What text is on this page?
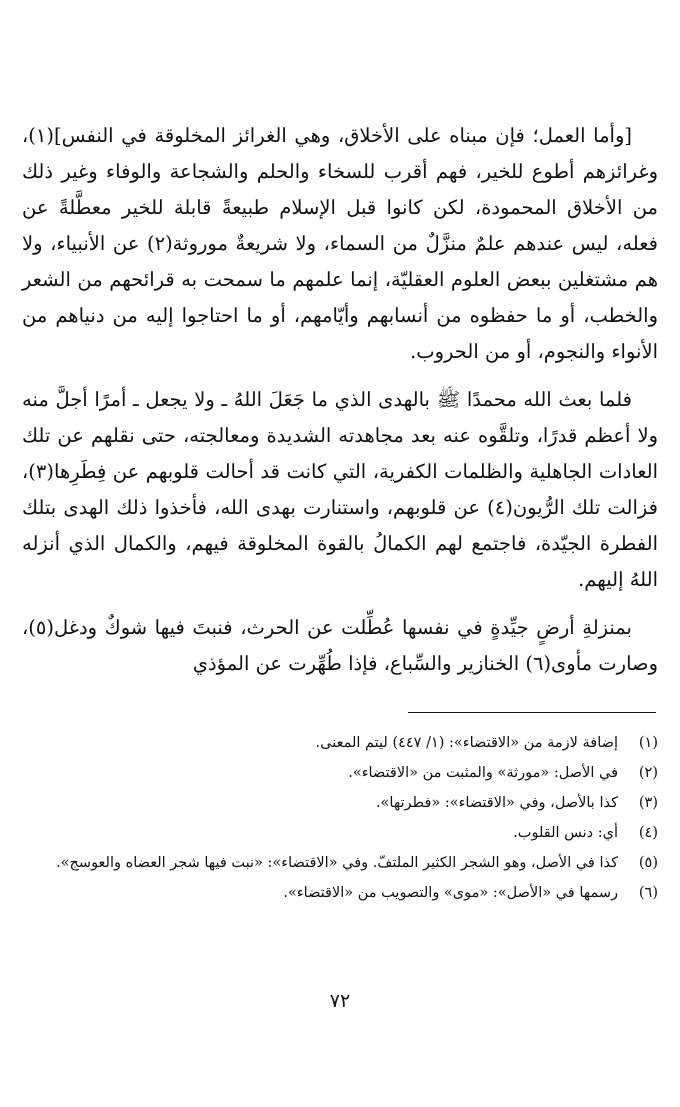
[وأما العمل؛ فإن مبناه على الأخلاق، وهي الغرائز المخلوقة في النفس](١)، وغرائزهم أطوع للخير، فهم أقرب للسخاء والحلم والشجاعة والوفاء وغير ذلك من الأخلاق المحمودة، لكن كانوا قبل الإسلام طبيعةً قابلة للخير معطَّلةً عن فعله، ليس عندهم علمٌ منزَّلٌ من السماء، ولا شريعةٌ موروثة(٢) عن الأنبياء، ولا هم مشتغلين ببعض العلوم العقليّة، إنما علمهم ما سمحت به قرائحهم من الشعر والخطب، أو ما حفظوه من أنسابهم وأيّامهم، أو ما احتاجوا إليه من دنياهم من الأنواء والنجوم، أو من الحروب.

فلما بعث الله محمدًا ﷺ بالهدى الذي ما جَعَلَ اللهُ ـ ولا يجعل ـ أمرًا أجلَّ منه ولا أعظم قدرًا، وتلقَّوه عنه بعد مجاهدته الشديدة ومعالجته، حتى نقلهم عن تلك العادات الجاهلية والظلمات الكفرية، التي كانت قد أحالت قلوبهم عن فِطَرِها(٣)، فزالت تلك الرُّيون(٤) عن قلوبهم، واستنارت بهدى الله، فأخذوا ذلك الهدى بتلك الفطرة الجيّدة، فاجتمع لهم الكمالُ بالقوة المخلوقة فيهم، والكمال الذي أنزله اللهُ إليهم.

بمنزلةِ أرضٍ جيِّدةٍ في نفسها عُطِّلت عن الحرث، فنبتَ فيها شوكٌ ودغل(٥)، وصارت مأوى(٦) الخنازير والسِّباع، فإذا طُهِّرت عن المؤذي

(١)
إضافة لازمة من «الاقتضاء»: (١/ ٤٤٧) ليتم المعنى.
(٢)
في الأصل: «مورثة» والمثبت من «الاقتضاء».
(٣)
كذا بالأصل، وفي «الاقتضاء»: «فطرتها».
(٤)
أي: دنس القلوب.
(٥)
كذا في الأصل، وهو الشجر الكثير الملتفّ. وفي «الاقتضاء»: «نبت فيها شجر العضاه والعوسج».
(٦)
رسمها في «الأصل»: «موى» والتصويب من «الاقتضاء».
٧٢
